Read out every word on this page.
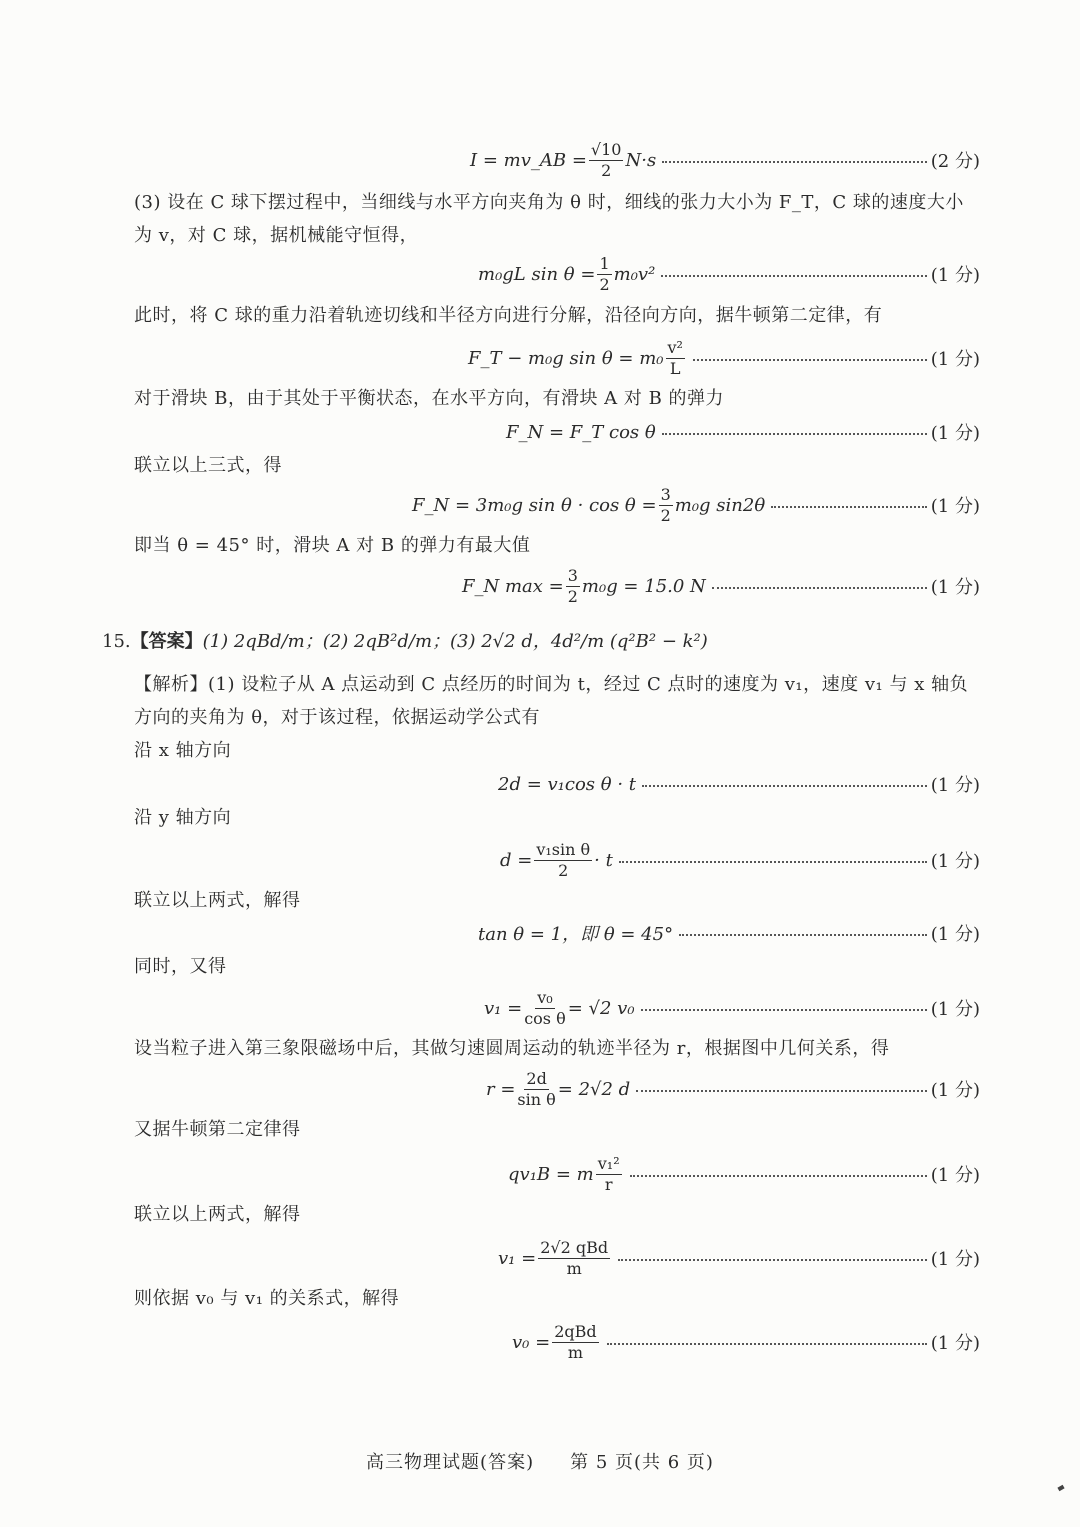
I = mv_AB = $\frac{√10}{2} N\cdot s$	(2 分)
(3) 设在 C 球下摆过程中，当细线与水平方向夹角为 θ 时，细线的张力大小为 F_T，C 球的速度大小为 v，对 C 球，据机械能守恒得，
m₀gL $\sin \theta = \frac{1}{2} m_0v^2$	(1 分)
此时，将 C 球的重力沿着轨迹切线和半径方向进行分解，沿径向方向，据牛顿第二定律，有
F_T − m₀g $\sin \theta = m_0 \frac{\text{v²}}{L}$	(1 分)
对于滑块 B，由于其处于平衡状态，在水平方向，有滑块 A 对 B 的弹力
F_N = F_T cos θ	(1 分)
联立以上三式，得
F_N = 3m₀g $\sin \theta \cdot \cos \theta = \frac{3}{2} m_0g$ sin2θ	(1 分)
即当 θ = 45° 时，滑块 A 对 B 的弹力有最大值
F_N $\max = \frac{3}{2} m_0g = 15.0$ N	(1 分)
15.【答案】(1) 2qBd/m；(2) 2qB²d/m；(3) 2√2 d，4d²/m (q²B² − k²)
【解析】(1) 设粒子从 A 点运动到 C 点经历的时间为 t，经过 C 点时的速度为 v₁，速度 v₁ 与 x 轴负方向的夹角为 θ，对于该过程，依据运动学公式有
沿 x 轴方向
2d = v₁cos θ · t	(1 分)
沿 y 轴方向
$d = \frac{\text{v₁sin θ}}{2} \cdot t$	(1 分)
联立以上两式，解得
tan θ = 1，即 θ = 45°	(1 分)
同时，又得
$v_1 = \frac{\text{v₀}}{\text{cos θ}} = √2$ v₀	(1 分)
设当粒子进入第三象限磁场中后，其做匀速圆周运动的轨迹半径为 r，根据图中几何关系，得
$r = \frac{2d}{\text{sin θ}} = 2√2$ d	(1 分)
又据牛顿第二定律得
qv₁B = m $\frac{\text{v₁²}}{r}$	(1 分)
联立以上两式，解得
$v_1 = \frac{\text{2√2 qBd}}{m}$	(1 分)
则依据 v₀ 与 v₁ 的关系式，解得
$v_0 = \frac{\text{2qBd}}{m}$	(1 分)
高三物理试题(答案) 第 5 页(共 6 页)
